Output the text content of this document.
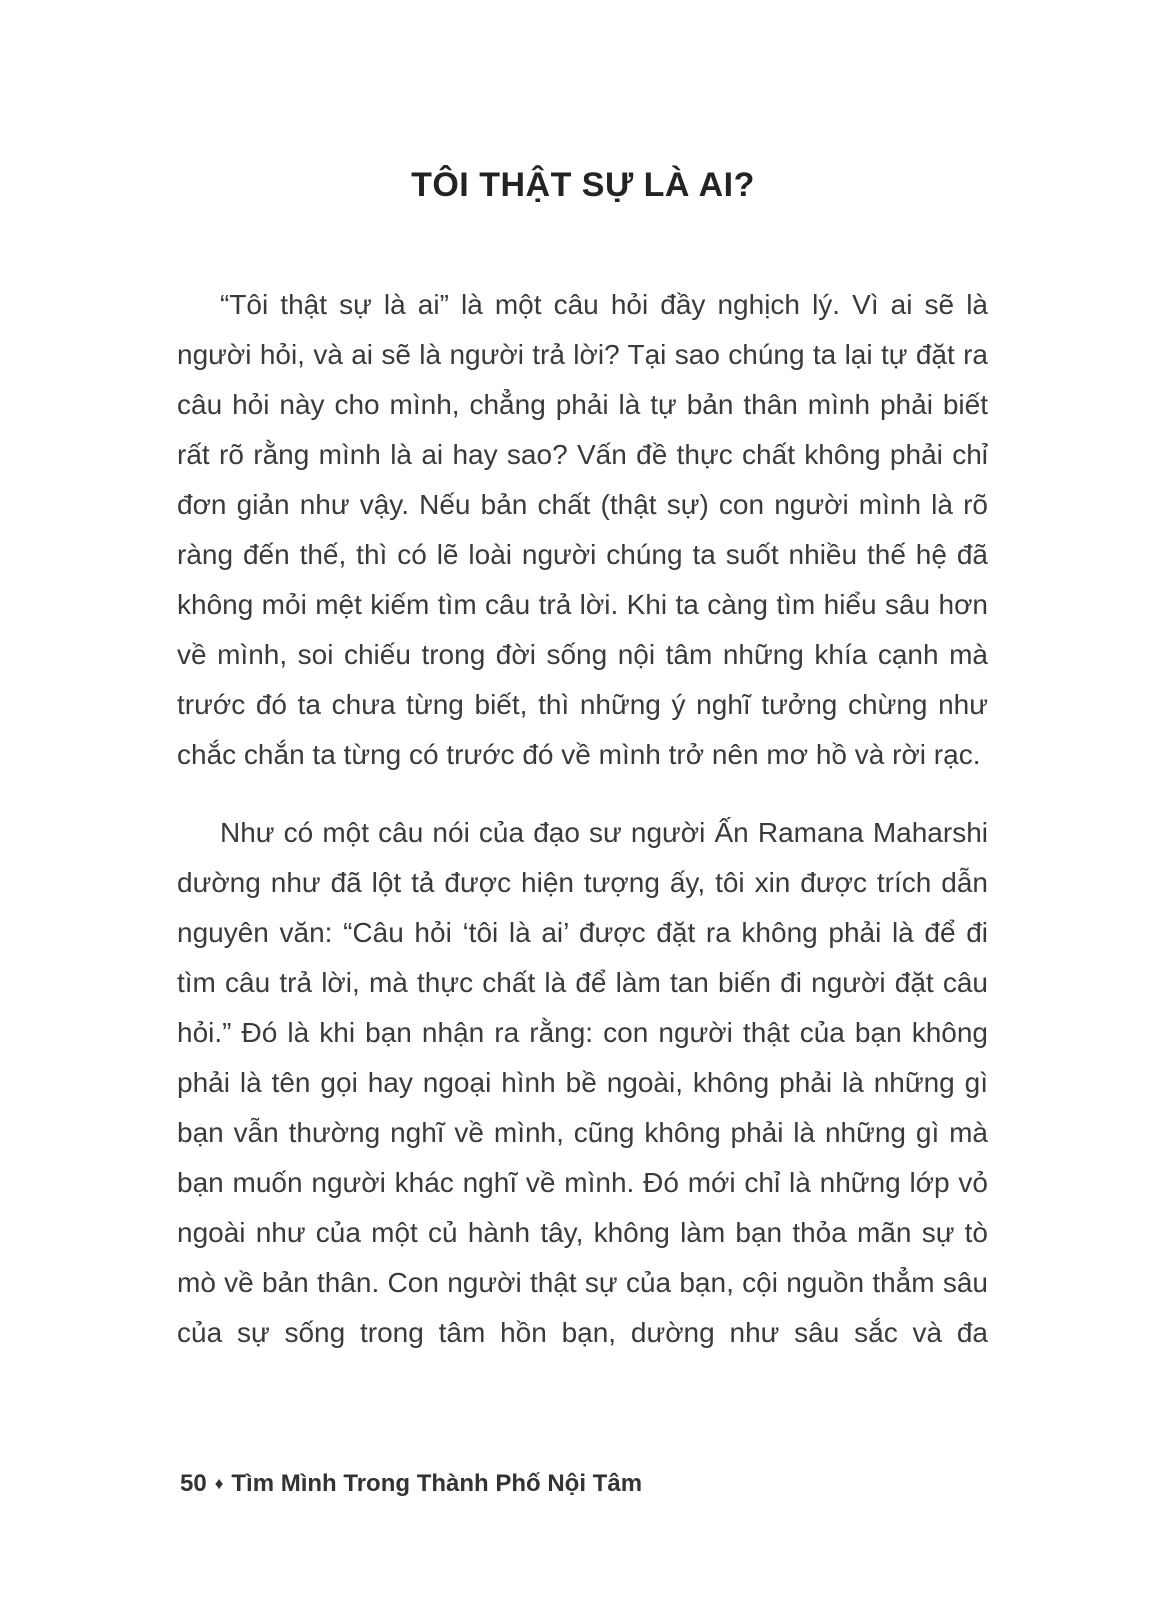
TÔI THẬT SỰ LÀ AI?

“Tôi thật sự là ai” là một câu hỏi đầy nghịch lý. Vì ai sẽ là người hỏi, và ai sẽ là người trả lời? Tại sao chúng ta lại tự đặt ra câu hỏi này cho mình, chẳng phải là tự bản thân mình phải biết rất rõ rằng mình là ai hay sao? Vấn đề thực chất không phải chỉ đơn giản như vậy. Nếu bản chất (thật sự) con người mình là rõ ràng đến thế, thì có lẽ loài người chúng ta suốt nhiều thế hệ đã không mỏi mệt kiếm tìm câu trả lời. Khi ta càng tìm hiểu sâu hơn về mình, soi chiếu trong đời sống nội tâm những khía cạnh mà trước đó ta chưa từng biết, thì những ý nghĩ tưởng chừng như chắc chắn ta từng có trước đó về mình trở nên mơ hồ và rời rạc.

Như có một câu nói của đạo sư người Ấn Ramana Maharshi dường như đã lột tả được hiện tượng ấy, tôi xin được trích dẫn nguyên văn: “Câu hỏi ‘tôi là ai’ được đặt ra không phải là để đi tìm câu trả lời, mà thực chất là để làm tan biến đi người đặt câu hỏi.” Đó là khi bạn nhận ra rằng: con người thật của bạn không phải là tên gọi hay ngoại hình bề ngoài, không phải là những gì bạn vẫn thường nghĩ về mình, cũng không phải là những gì mà bạn muốn người khác nghĩ về mình. Đó mới chỉ là những lớp vỏ ngoài như của một củ hành tây, không làm bạn thỏa mãn sự tò mò về bản thân. Con người thật sự của bạn, cội nguồn thẳm sâu của sự sống trong tâm hồn bạn, dường như sâu sắc và đa

50 ♦ Tìm Mình Trong Thành Phố Nội Tâm
